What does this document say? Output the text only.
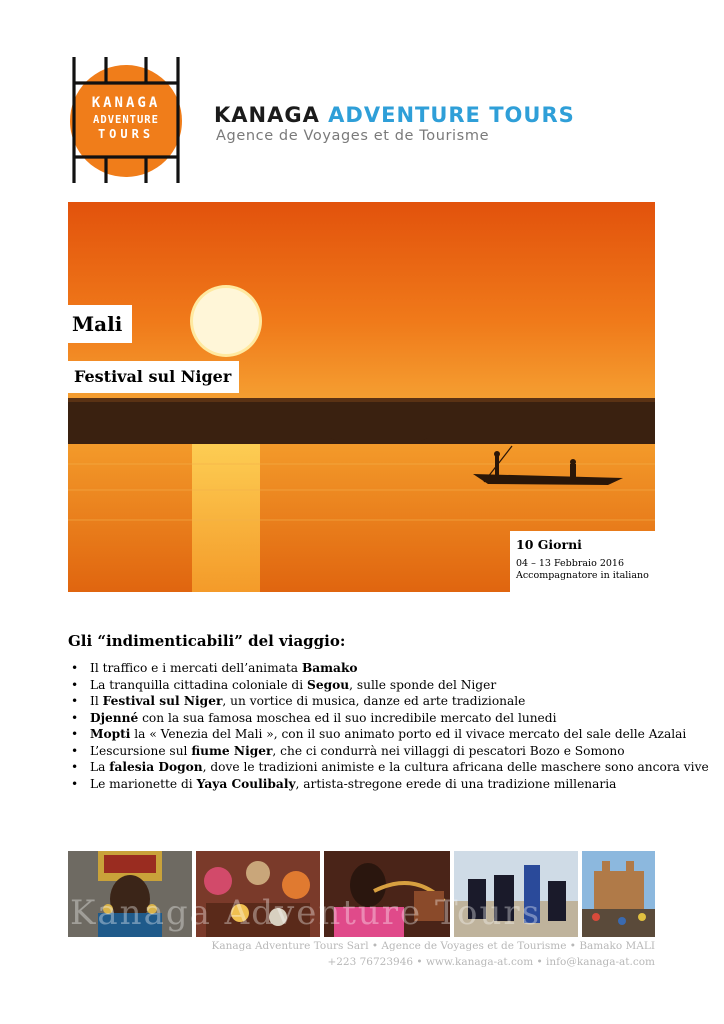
KANAGA
ADVENTURE
TOURS
KANAGA ADVENTURE TOURS
Agence de Voyages et de Tourisme
Mali
Festival sul Niger
10 Giorni
04 – 13 Febbraio 2016
Accompagnatore in italiano
Gli “indimenticabili” del viaggio:
• Il traffico e i mercati dell’animata Bamako
• La tranquilla cittadina coloniale di Segou, sulle sponde del Niger
• Il Festival sul Niger, un vortice di musica, danze ed arte tradizionale
• Djenné con la sua famosa moschea ed il suo incredibile mercato del lunedi
• Mopti la « Venezia del Mali », con il suo animato porto ed il vivace mercato del sale delle Azalai
• L’escursione sul fiume Niger, che ci condurrà nei villaggi di pescatori Bozo e Somono
• La falesia Dogon, dove le tradizioni animiste e la cultura africana delle maschere sono ancora vive
• Le marionette di Yaya Coulibaly, artista-stregone erede di una tradizione millenaria
Kanaga Adventure Tours
Kanaga Adventure Tours Sarl • Agence de Voyages et de Tourisme • Bamako MALI
+223 76723946 • www.kanaga-at.com • info@kanaga-at.com
